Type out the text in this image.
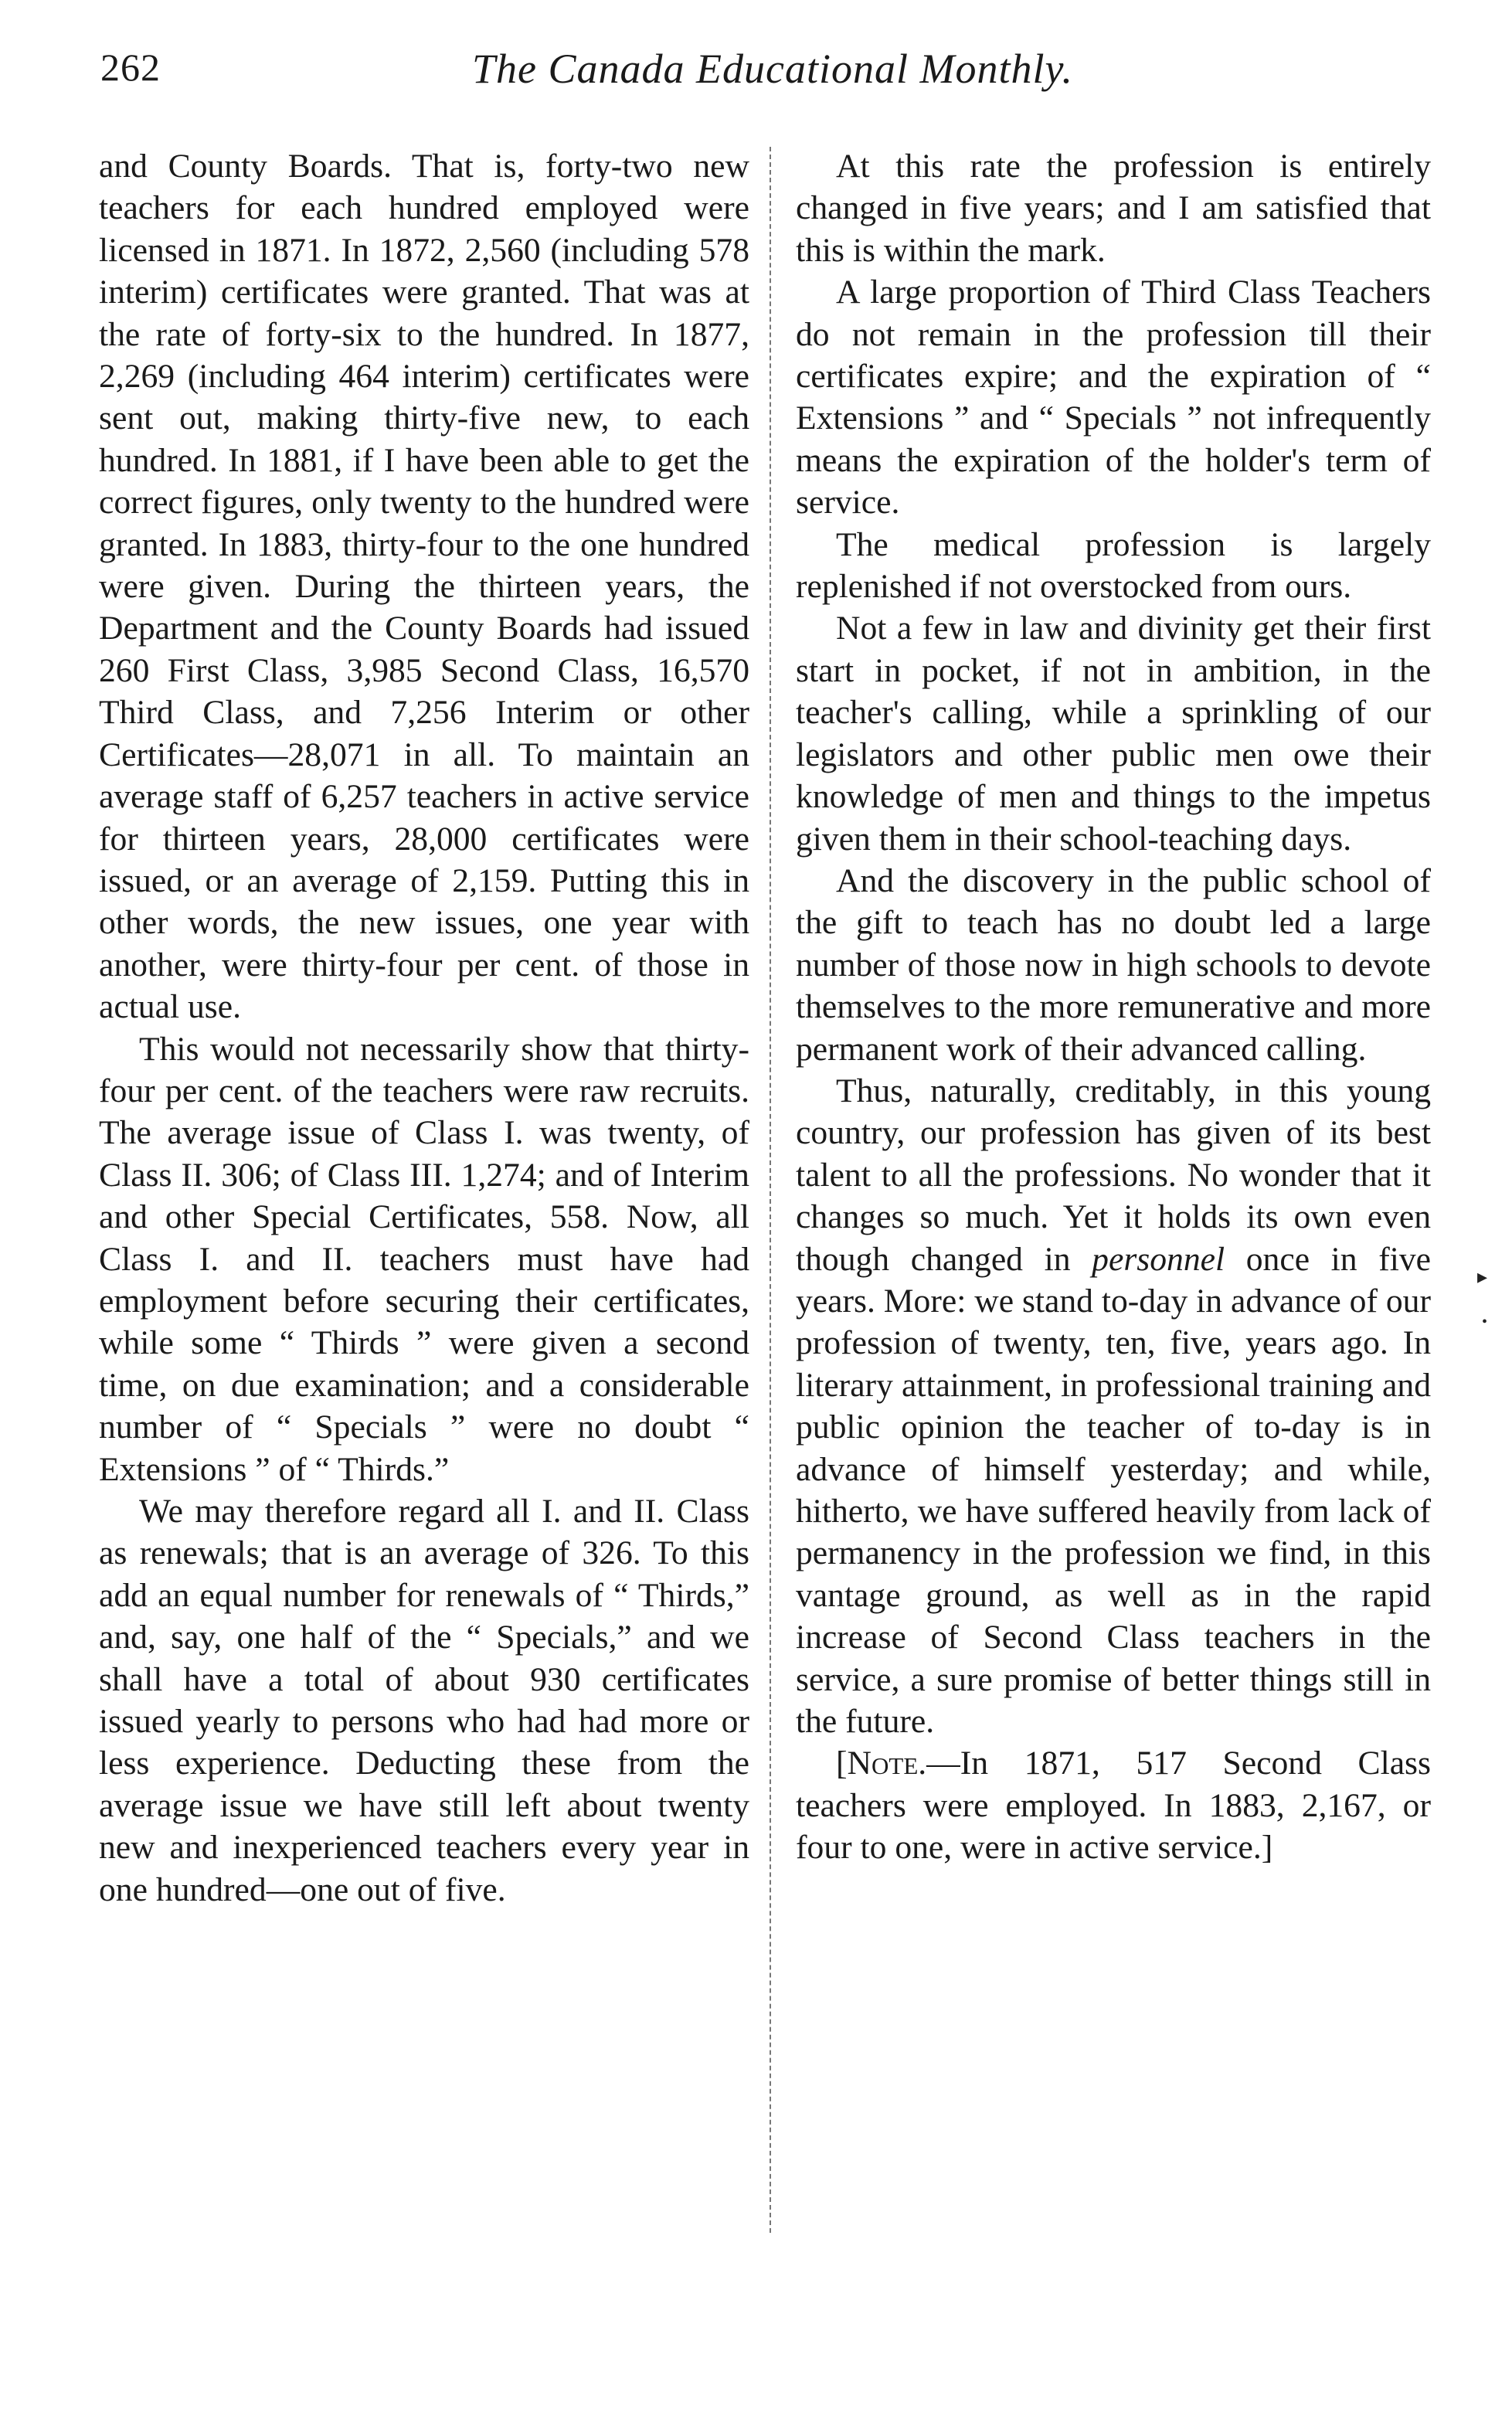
262	The Canada Educational Monthly.

and County Boards. That is, forty-two new teachers for each hundred employed were licensed in 1871. In 1872, 2,560 (including 578 interim) certificates were granted. That was at the rate of forty-six to the hundred. In 1877, 2,269 (including 464 interim) certificates were sent out, making thirty-five new, to each hundred. In 1881, if I have been able to get the correct figures, only twenty to the hundred were granted. In 1883, thirty-four to the one hundred were given. During the thirteen years, the Department and the County Boards had issued 260 First Class, 3,985 Second Class, 16,570 Third Class, and 7,256 Interim or other Certificates—28,071 in all. To maintain an average staff of 6,257 teachers in active service for thirteen years, 28,000 certificates were issued, or an average of 2,159. Putting this in other words, the new issues, one year with another, were thirty-four per cent. of those in actual use.

This would not necessarily show that thirty-four per cent. of the teachers were raw recruits. The average issue of Class I. was twenty, of Class II. 306; of Class III. 1,274; and of Interim and other Special Certificates, 558. Now, all Class I. and II. teachers must have had employment before securing their certificates, while some “ Thirds ” were given a second time, on due examination; and a considerable number of “ Specials ” were no doubt “ Extensions ” of “ Thirds.”

We may therefore regard all I. and II. Class as renewals; that is an average of 326. To this add an equal number for renewals of “ Thirds,” and, say, one half of the “ Specials,” and we shall have a total of about 930 certificates issued yearly to persons who had had more or less experience. Deducting these from the average issue we have still left about twenty new and inexperienced teachers every year in one hundred—one out of five.

At this rate the profession is entirely changed in five years; and I am satisfied that this is within the mark.

A large proportion of Third Class Teachers do not remain in the profession till their certificates expire; and the expiration of “ Extensions ” and “ Specials ” not infrequently means the expiration of the holder's term of service.

The medical profession is largely replenished if not overstocked from ours.

Not a few in law and divinity get their first start in pocket, if not in ambition, in the teacher's calling, while a sprinkling of our legislators and other public men owe their knowledge of men and things to the impetus given them in their school-teaching days.

And the discovery in the public school of the gift to teach has no doubt led a large number of those now in high schools to devote themselves to the more remunerative and more permanent work of their advanced calling.

Thus, naturally, creditably, in this young country, our profession has given of its best talent to all the professions. No wonder that it changes so much. Yet it holds its own even though changed in personnel once in five years. More: we stand to-day in advance of our profession of twenty, ten, five, years ago. In literary attainment, in professional training and public opinion the teacher of to-day is in advance of himself yesterday; and while, hitherto, we have suffered heavily from lack of permanency in the profession we find, in this vantage ground, as well as in the rapid increase of Second Class teachers in the service, a sure promise of better things still in the future.

[Note.—In 1871, 517 Second Class teachers were employed. In 1883, 2,167, or four to one, were in active service.]

▸
•
